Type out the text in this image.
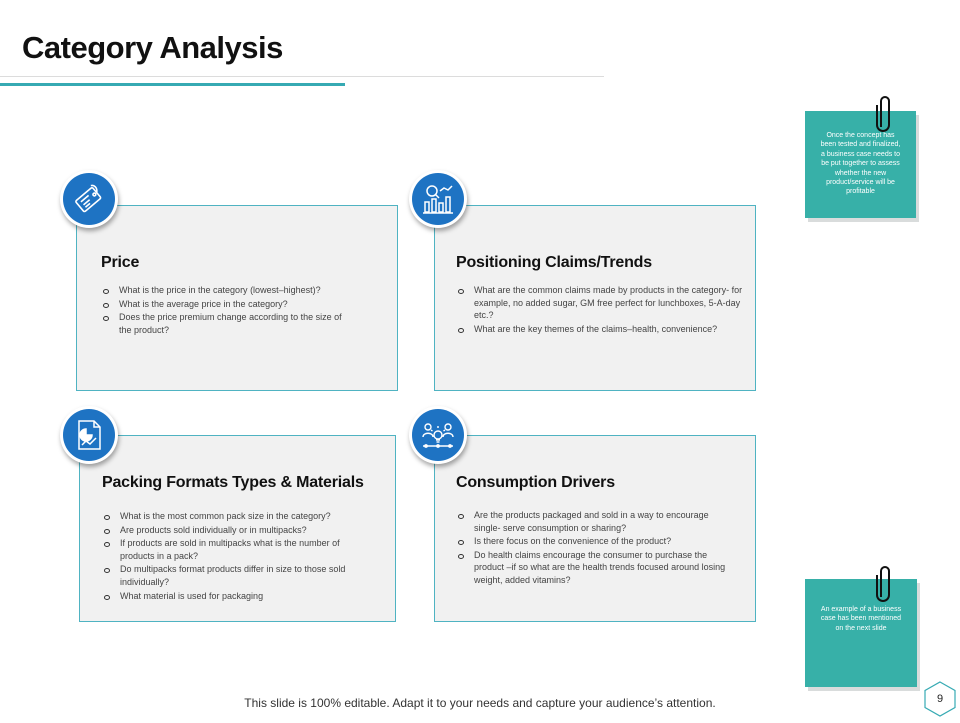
Category Analysis
Price
What is the price in the category (lowest–highest)?
What is the average price in the category?
Does the price premium change according to the size of the product?
Positioning Claims/Trends
What are the common claims made by products in the category- for example, no added sugar, GM free perfect for lunchboxes, 5-A-day etc.?
What are the key themes of the claims–health, convenience?
Packing Formats Types & Materials
What is the most common pack size in the category?
Are products sold individually or in multipacks?
If products are sold in multipacks what is the number of products in a pack?
Do multipacks format products differ in size to those sold individually?
What material is used for packaging
Consumption Drivers
Are the products packaged and sold in a way to encourage single- serve consumption or sharing?
Is there focus on the convenience of the product?
Do health claims encourage the consumer to purchase the product –if so what are the health trends focused around losing weight, added vitamins?

Once the concept has been tested and finalized, a business case needs to be put together to assess whether the new product/service will be profitable

An example of a business case has been mentioned on the next slide

This slide is 100% editable. Adapt it to your needs and capture your audience’s attention.	9
